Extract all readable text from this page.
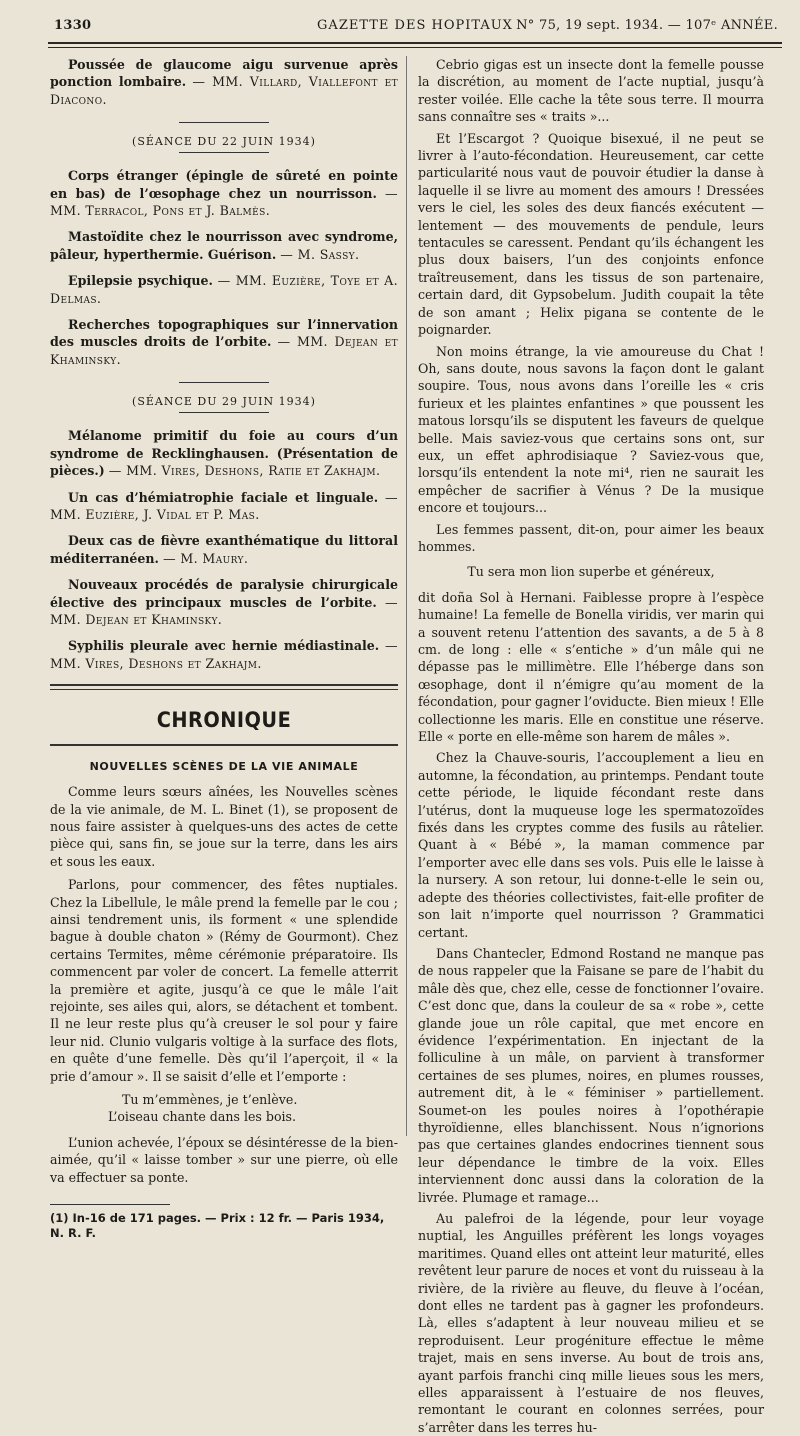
1330	GAZETTE DES HOPITAUX N° 75, 19 sept. 1934. — 107ᵉ ANNÉE.

Poussée de glaucome aigu survenue après ponction lombaire. — MM. Villard, Viallefont et Diacono.

(SÉANCE DU 22 JUIN 1934)

Corps étranger (épingle de sûreté en pointe en bas) de l’œsophage chez un nourrisson. — MM. Terracol, Pons et J. Balmès.

Mastoïdite chez le nourrisson avec syndrome, pâleur, hyperthermie. Guérison. — M. Sassy.

Epilepsie psychique. — MM. Euzière, Toye et A. Delmas.

Recherches topographiques sur l’innervation des muscles droits de l’orbite. — MM. Dejean et Khaminsky.

(SÉANCE DU 29 JUIN 1934)

Mélanome primitif du foie au cours d’un syndrome de Recklinghausen. (Présentation de pièces.) — MM. Vires, Deshons, Ratie et Zakhajm.

Un cas d’hémiatrophie faciale et linguale. — MM. Euzière, J. Vidal et P. Mas.

Deux cas de fièvre exanthématique du littoral méditerranéen. — M. Maury.

Nouveaux procédés de paralysie chirurgicale élective des principaux muscles de l’orbite. — MM. Dejean et Khaminsky.

Syphilis pleurale avec hernie médiastinale. — MM. Vires, Deshons et Zakhajm.

CHRONIQUE
NOUVELLES SCÈNES DE LA VIE ANIMALE

Comme leurs sœurs aînées, les Nouvelles scènes de la vie animale, de M. L. Binet (1), se proposent de nous faire assister à quelques-uns des actes de cette pièce qui, sans fin, se joue sur la terre, dans les airs et sous les eaux.

Parlons, pour commencer, des fêtes nuptiales. Chez la Libellule, le mâle prend la femelle par le cou ; ainsi tendrement unis, ils forment « une splendide bague à double chaton » (Rémy de Gourmont). Chez certains Termites, même cérémonie préparatoire. Ils commencent par voler de concert. La femelle atterrit la première et agite, jusqu’à ce que le mâle l’ait rejointe, ses ailes qui, alors, se détachent et tombent. Il ne leur reste plus qu’à creuser le sol pour y faire leur nid. Clunio vulgaris voltige à la surface des flots, en quête d’une femelle. Dès qu’il l’aperçoit, il « la prie d’amour ». Il se saisit d’elle et l’emporte :

Tu m’emmènes, je t’enlève.
L’oiseau chante dans les bois.

L’union achevée, l’époux se désintéresse de la bien-aimée, qu’il « laisse tomber » sur une pierre, où elle va effectuer sa ponte.

(1) In-16 de 171 pages. — Prix : 12 fr. — Paris 1934, N. R. F.

Cebrio gigas est un insecte dont la femelle pousse la discrétion, au moment de l’acte nuptial, jusqu’à rester voilée. Elle cache la tête sous terre. Il mourra sans connaître ses « traits »...

Et l’Escargot ? Quoique bisexué, il ne peut se livrer à l’auto-fécondation. Heureusement, car cette particularité nous vaut de pouvoir étudier la danse à laquelle il se livre au moment des amours ! Dressées vers le ciel, les soles des deux fiancés exécutent — lentement — des mouvements de pendule, leurs tentacules se caressent. Pendant qu’ils échangent les plus doux baisers, l’un des conjoints enfonce traîtreusement, dans les tissus de son partenaire, certain dard, dit Gypsobelum. Judith coupait la tête de son amant ; Helix pigana se contente de le poignarder.

Non moins étrange, la vie amoureuse du Chat ! Oh, sans doute, nous savons la façon dont le galant soupire. Tous, nous avons dans l’oreille les « cris furieux et les plaintes enfantines » que poussent les matous lorsqu’ils se disputent les faveurs de quelque belle. Mais saviez-vous que certains sons ont, sur eux, un effet aphrodisiaque ? Saviez-vous que, lorsqu’ils entendent la note mi⁴, rien ne saurait les empêcher de sacrifier à Vénus ? De la musique encore et toujours...

Les femmes passent, dit-on, pour aimer les beaux hommes.

Tu sera mon lion superbe et généreux,

dit doña Sol à Hernani. Faiblesse propre à l’espèce humaine! La femelle de Bonella viridis, ver marin qui a souvent retenu l’attention des savants, a de 5 à 8 cm. de long : elle « s’entiche » d’un mâle qui ne dépasse pas le millimètre. Elle l’héberge dans son œsophage, dont il n’émigre qu’au moment de la fécondation, pour gagner l’oviducte. Bien mieux ! Elle collectionne les maris. Elle en constitue une réserve. Elle « porte en elle-même son harem de mâles ».

Chez la Chauve-souris, l’accouplement a lieu en automne, la fécondation, au printemps. Pendant toute cette période, le liquide fécondant reste dans l’utérus, dont la muqueuse loge les spermatozoïdes fixés dans les cryptes comme des fusils au râtelier. Quant à « Bébé », la maman commence par l’emporter avec elle dans ses vols. Puis elle le laisse à la nursery. A son retour, lui donne-t-elle le sein ou, adepte des théories collectivistes, fait-elle profiter de son lait n’importe quel nourrisson ? Grammatici certant.

Dans Chantecler, Edmond Rostand ne manque pas de nous rappeler que la Faisane se pare de l’habit du mâle dès que, chez elle, cesse de fonctionner l’ovaire. C’est donc que, dans la couleur de sa « robe », cette glande joue un rôle capital, que met encore en évidence l’expérimentation. En injectant de la folliculine à un mâle, on parvient à transformer certaines de ses plumes, noires, en plumes rousses, autrement dit, à le « féminiser » partiellement. Soumet-on les poules noires à l’opothérapie thyroïdienne, elles blanchissent. Nous n’ignorions pas que certaines glandes endocrines tiennent sous leur dépendance le timbre de la voix. Elles interviennent donc aussi dans la coloration de la livrée. Plumage et ramage...

Au palefroi de la légende, pour leur voyage nuptial, les Anguilles préfèrent les longs voyages maritimes. Quand elles ont atteint leur maturité, elles revêtent leur parure de noces et vont du ruisseau à la rivière, de la rivière au fleuve, du fleuve à l’océan, dont elles ne tardent pas à gagner les profondeurs. Là, elles s’adaptent à leur nouveau milieu et se reproduisent. Leur progéniture effectue le même trajet, mais en sens inverse. Au bout de trois ans, ayant parfois franchi cinq mille lieues sous les mers, elles apparaissent à l’estuaire de nos fleuves, remontant le courant en colonnes serrées, pour s’arrêter dans les terres hu-
